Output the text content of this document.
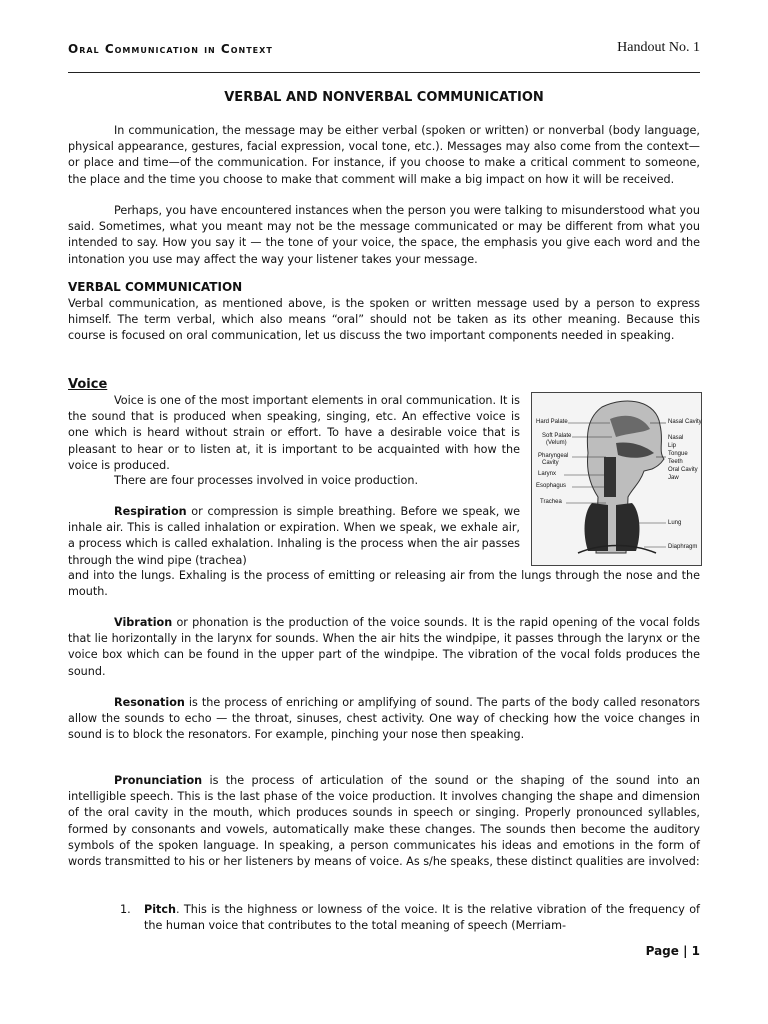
Oral Communication in Context	Handout No. 1
VERBAL AND NONVERBAL COMMUNICATION

In communication, the message may be either verbal (spoken or written) or nonverbal (body language, physical appearance, gestures, facial expression, vocal tone, etc.). Messages may also come from the context—or place and time—of the communication. For instance, if you choose to make a critical comment to someone, the place and the time you choose to make that comment will make a big impact on how it will be received.

Perhaps, you have encountered instances when the person you were talking to misunderstood what you said. Sometimes, what you meant may not be the message communicated or may be different from what you intended to say. How you say it — the tone of your voice, the space, the emphasis you give each word and the intonation you use may affect the way your listener takes your message.

VERBAL COMMUNICATION

Verbal communication, as mentioned above, is the spoken or written message used by a person to express himself. The term verbal, which also means “oral” should not be taken as its other meaning. Because this course is focused on oral communication, let us discuss the two important components needed in speaking.

Voice

Voice is one of the most important elements in oral communication. It is the sound that is produced when speaking, singing, etc. An effective voice is one which is heard without strain or effort. To have a desirable voice that is pleasant to hear or to listen at, it is important to be acquainted with how the voice is produced.

There are four processes involved in voice production.

Hard Palate
Soft Palate
(Velum)
Pharyngeal
Cavity
Larynx
Esophagus
Trachea
Nasal Cavity
Nasal
Lip
Tongue
Teeth
Oral Cavity
Jaw
Lung
Diaphragm

Respiration or compression is simple breathing. Before we speak, we inhale air. This is called inhalation or expiration. When we speak, we exhale air, a process which is called exhalation. Inhaling is the process when the air passes through the wind pipe (trachea)

and into the lungs. Exhaling is the process of emitting or releasing air from the lungs through the nose and the mouth.

Vibration or phonation is the production of the voice sounds. It is the rapid opening of the vocal folds that lie horizontally in the larynx for sounds. When the air hits the windpipe, it passes through the larynx or the voice box which can be found in the upper part of the windpipe. The vibration of the vocal folds produces the sound.

Resonation is the process of enriching or amplifying of sound. The parts of the body called resonators allow the sounds to echo — the throat, sinuses, chest activity. One way of checking how the voice changes in sound is to block the resonators. For example, pinching your nose then speaking.

Pronunciation is the process of articulation of the sound or the shaping of the sound into an intelligible speech. This is the last phase of the voice production. It involves changing the shape and dimension of the oral cavity in the mouth, which produces sounds in speech or singing. Properly pronounced syllables, formed by consonants and vowels, automatically make these changes. The sounds then become the auditory symbols of the spoken language. In speaking, a person communicates his ideas and emotions in the form of words transmitted to his or her listeners by means of voice. As s/he speaks, these distinct qualities are involved:

1. Pitch. This is the highness or lowness of the voice. It is the relative vibration of the frequency of the human voice that contributes to the total meaning of speech (Merriam-
Page | 1
